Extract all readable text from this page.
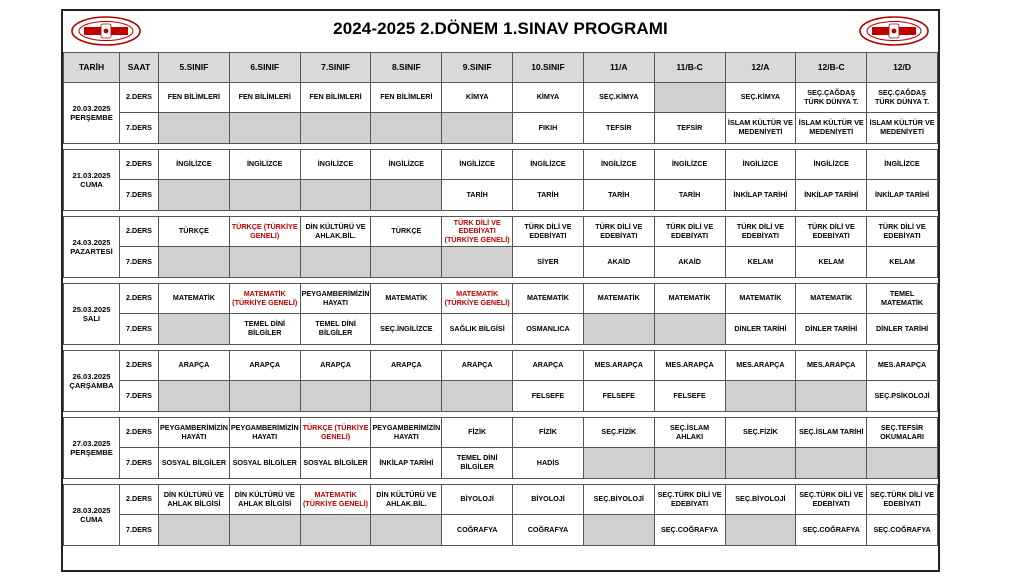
2024-2025 2.DÖNEM 1.SINAV PROGRAMI
TARİH	SAAT	5.SINIF	6.SINIF	7.SINIF	8.SINIF	9.SINIF	10.SINIF	11/A	11/B-C	12/A	12/B-C	12/D

20.03.2025
PERŞEMBE	2.DERS	FEN BİLİMLERİ	FEN BİLİMLERİ	FEN BİLİMLERİ	FEN BİLİMLERİ	KİMYA	KİMYA	SEÇ.KİMYA		SEÇ.KİMYA	SEÇ.ÇAĞDAŞ TÜRK DÜNYA T.	SEÇ.ÇAĞDAŞ TÜRK DÜNYA T.
	7.DERS						FIKIH	TEFSİR	TEFSİR	İSLAM KÜLTÜR VE MEDENİYETİ	İSLAM KÜLTÜR VE MEDENİYETİ	İSLAM KÜLTÜR VE MEDENİYETİ

21.03.2025
CUMA	2.DERS	İNGİLİZCE	İNGİLİZCE	İNGİLİZCE	İNGİLİZCE	İNGİLİZCE	İNGİLİZCE	İNGİLİZCE	İNGİLİZCE	İNGİLİZCE	İNGİLİZCE	İNGİLİZCE
	7.DERS					TARİH	TARİH	TARİH	TARİH	İNKİLAP TARİHİ	İNKİLAP TARİHİ	İNKİLAP TARİHİ

24.03.2025
PAZARTESİ	2.DERS	TÜRKÇE	TÜRKÇE (TÜRKİYE GENELİ)	DİN KÜLTÜRÜ VE AHLAK.BİL.	TÜRKÇE	TÜRK DİLİ VE EDEBİYATI (TÜRKİYE GENELİ)	TÜRK DİLİ VE EDEBİYATI	TÜRK DİLİ VE EDEBİYATI	TÜRK DİLİ VE EDEBİYATI	TÜRK DİLİ VE EDEBİYATI	TÜRK DİLİ VE EDEBİYATI	TÜRK DİLİ VE EDEBİYATI
	7.DERS						SİYER	AKAİD	AKAİD	KELAM	KELAM	KELAM

25.03.2025
SALI	2.DERS	MATEMATİK	MATEMATİK (TÜRKİYE GENELİ)	PEYGAMBERİMİZİN HAYATI	MATEMATİK	MATEMATİK (TÜRKİYE GENELİ)	MATEMATİK	MATEMATİK	MATEMATİK	MATEMATİK	MATEMATİK	TEMEL MATEMATİK
	7.DERS		TEMEL DİNİ BİLGİLER	TEMEL DİNİ BİLGİLER	SEÇ.İNGİLİZCE	SAĞLIK BİLGİSİ	OSMANLICA			DİNLER TARİHİ	DİNLER TARİHİ	DİNLER TARİHİ

26.03.2025
ÇARŞAMBA	2.DERS	ARAPÇA	ARAPÇA	ARAPÇA	ARAPÇA	ARAPÇA	ARAPÇA	MES.ARAPÇA	MES.ARAPÇA	MES.ARAPÇA	MES.ARAPÇA	MES.ARAPÇA
	7.DERS						FELSEFE	FELSEFE	FELSEFE			SEÇ.PSİKOLOJİ

27.03.2025
PERŞEMBE	2.DERS	PEYGAMBERİMİZİN HAYATI	PEYGAMBERİMİZİN HAYATI	TÜRKÇE (TÜRKİYE GENELİ)	PEYGAMBERİMİZİN HAYATI	FİZİK	FİZİK	SEÇ.FİZİK	SEÇ.İSLAM AHLAKI	SEÇ.FİZİK	SEÇ.İSLAM TARİHİ	SEÇ.TEFSİR OKUMALARI
	7.DERS	SOSYAL BİLGİLER	SOSYAL BİLGİLER	SOSYAL BİLGİLER	İNKİLAP TARİHİ	TEMEL DİNİ BİLGİLER	HADİS					

28.03.2025
CUMA	2.DERS	DİN KÜLTÜRÜ VE AHLAK BİLGİSİ	DİN KÜLTÜRÜ VE AHLAK BİLGİSİ	MATEMATİK (TÜRKİYE GENELİ)	DİN KÜLTÜRÜ VE AHLAK.BİL.	BİYOLOJİ	BİYOLOJİ	SEÇ.BİYOLOJİ	SEÇ.TÜRK DİLİ VE EDEBİYATI	SEÇ.BİYOLOJİ	SEÇ.TÜRK DİLİ VE EDEBİYATI	SEÇ.TÜRK DİLİ VE EDEBİYATI
	7.DERS					COĞRAFYA	COĞRAFYA		SEÇ.COĞRAFYA		SEÇ.COĞRAFYA	SEÇ.COĞRAFYA
